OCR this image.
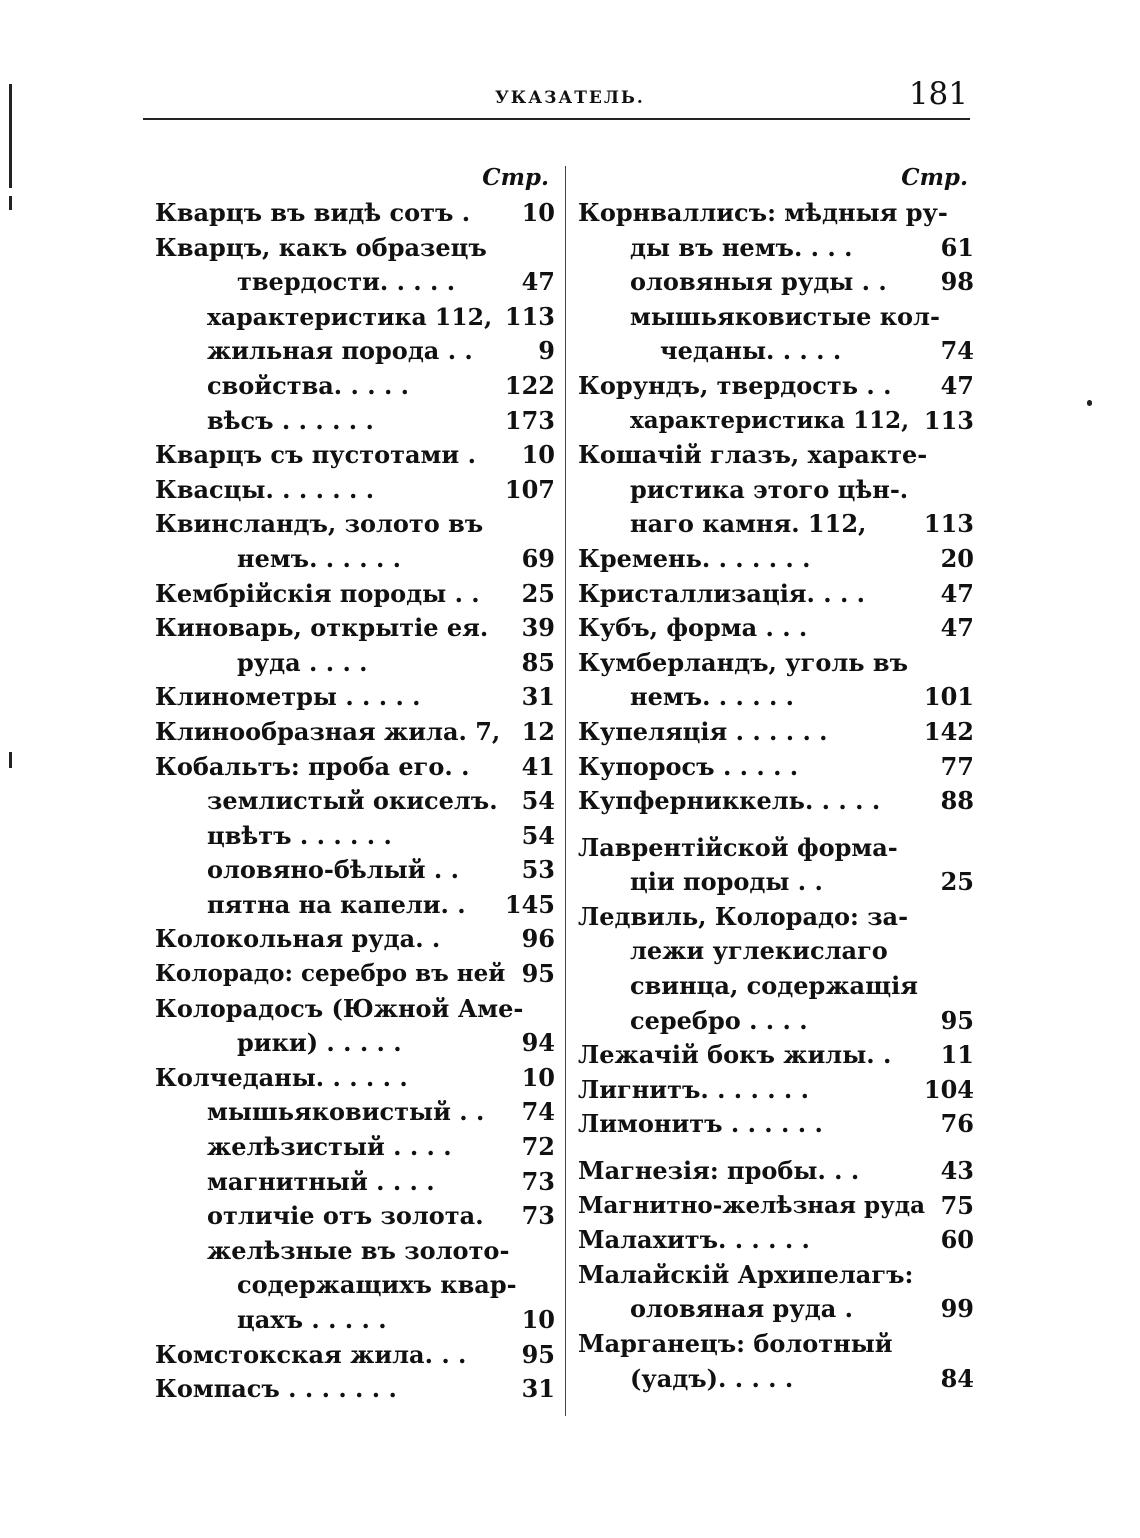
УКАЗАТЕЛЬ.	181
Стр.
Кварцъ въ видѣ сотъ . 10
Кварцъ, какъ образецъ
твердости. . . . .	47
характеристика 112, 113
жильная порода . .	9
свойства. . . . .	122
вѣсъ . . . . . .	173
Кварцъ съ пустотами . 10
Квасцы. . . . . . .	107
Квинсландъ, золото въ
немъ. . . . . .	69
Кембрійскія породы . . 25
Киноварь, открытіе ея. 39
руда . . . .	85
Клинометры . . . . .	31
Клинообразная жила. 7, 12
Кобальтъ: проба его. . 41
землистый окиселъ. 54
цвѣтъ . . . . . .	54
оловяно-бѣлый . .	53
пятна на капели. . 145
Колокольная руда. .	96
Колорадо: серебро въ ней 95
Колорадосъ (Южной Аме-
рики) . . . . .	94
Колчеданы. . . . . .	10
мышьяковистый . . 74
желѣзистый . . . .	72
магнитный . . . .	73
отличіе отъ золота. 73
желѣзные въ золото-
содержащихъ квар-
цахъ . . . . .	10
Комстокская жила. . . 95
Компасъ . . . . . . .	31
Стр.
Корнваллисъ: мѣдныя ру-
ды въ немъ. . . .	61
оловяныя руды . . 98
мышьяковистые кол-
чеданы. . . . .	74
Корундъ, твердость . . 47
характеристика 112, 113
Кошачій глазъ, характе-
ристика этого цѣн-.
наго камня. 112, 113
Кремень. . . . . . .	20
Кристаллизація. . . .	47
Кубъ, форма . . .	47
Кумберландъ, уголь въ
немъ. . . . . .	101
Купеляція . . . . . .	142
Купоросъ . . . . .	77
Купферниккель. . . . .	88
Лаврентійской форма-
ціи породы . .	25
Ледвиль, Колорадо: за-
лежи углекислаго
свинца, содержащія
серебро . . . .	95
Лежачій бокъ жилы. . 11
Лигнитъ. . . . . . .	104
Лимонитъ . . . . . .	76
Магнезія: пробы. . .	43
Магнитно-желѣзная руда 75
Малахитъ. . . . . .	60
Малайскій Архипелагъ:
оловяная руда .	99
Марганецъ: болотный
(уадъ). . . . .	84
